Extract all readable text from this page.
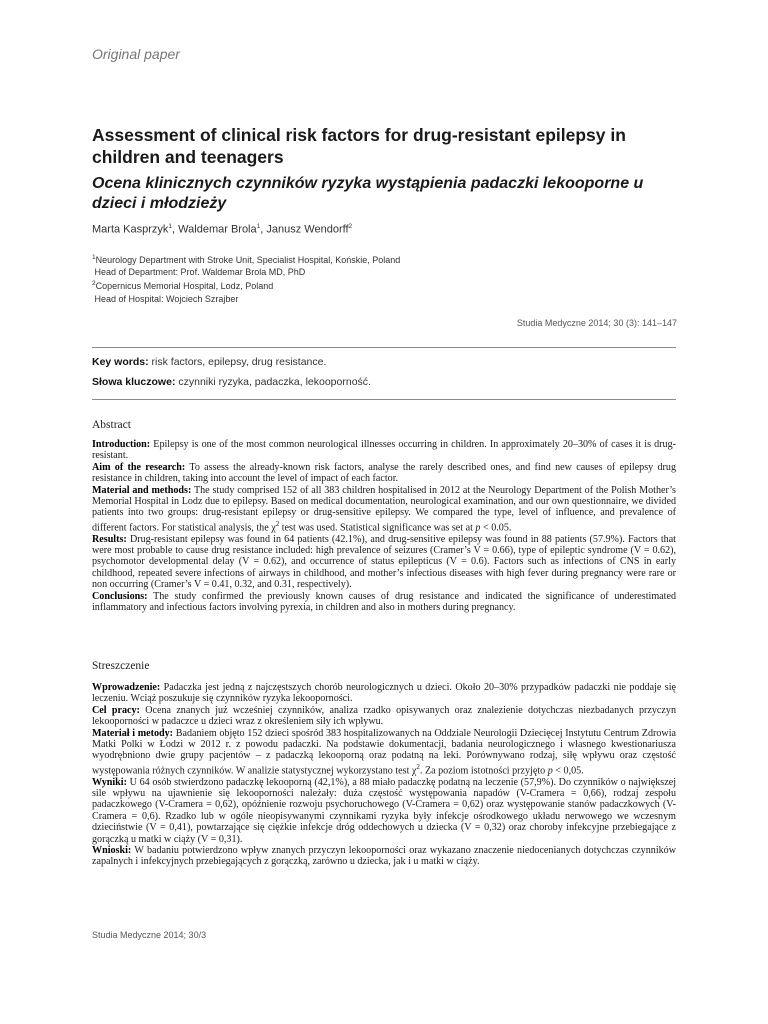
Original paper
Assessment of clinical risk factors for drug-resistant epilepsy in children and teenagers
Ocena klinicznych czynników ryzyka wystąpienia padaczki lekooporne u dzieci i młodzieży
Marta Kasprzyk$^1$, Waldemar Brola$^1$, Janusz Wendorff$^2$
$^1$Neurology Department with Stroke Unit, Specialist Hospital, Końskie, Poland
Head of Department: Prof. Waldemar Brola MD, PhD
$^2$Copernicus Memorial Hospital, Lodz, Poland
Head of Hospital: Wojciech Szrajber
Studia Medyczne 2014; 30 (3): 141–147
Key words: risk factors, epilepsy, drug resistance.
Słowa kluczowe: czynniki ryzyka, padaczka, lekooporność.
Abstract

Introduction: Epilepsy is one of the most common neurological illnesses occurring in children. In approximately 20–30% of cases it is drug-resistant.

Aim of the research: To assess the already-known risk factors, analyse the rarely described ones, and find new causes of epilepsy drug resistance in children, taking into account the level of impact of each factor.

Material and methods: The study comprised 152 of all 383 children hospitalised in 2012 at the Neurology Department of the Polish Mother’s Memorial Hospital in Lodz due to epilepsy. Based on medical documentation, neurological examination, and our own questionnaire, we divided patients into two groups: drug-resistant epilepsy or drug-sensitive epilepsy. We compared the type, level of influence, and prevalence of different factors. For statistical analysis, the $\chi^2$ test was used. Statistical significance was set at p < 0.05.

Results: Drug-resistant epilepsy was found in 64 patients (42.1%), and drug-sensitive epilepsy was found in 88 patients (57.9%). Factors that were most probable to cause drug resistance included: high prevalence of seizures (Cramer’s V = 0.66), type of epileptic syndrome (V = 0.62), psychomotor developmental delay (V = 0.62), and occurrence of status epilepticus (V = 0.6). Factors such as infections of CNS in early childhood, repeated severe infections of airways in childhood, and mother’s infectious diseases with high fever during pregnancy were rare or non occurring (Cramer’s V = 0.41, 0.32, and 0.31, respectively).

Conclusions: The study confirmed the previously known causes of drug resistance and indicated the significance of underestimated inflammatory and infectious factors involving pyrexia, in children and also in mothers during pregnancy.

Streszczenie

Wprowadzenie: Padaczka jest jedną z najczęstszych chorób neurologicznych u dzieci. Około 20–30% przypadków padaczki nie poddaje się leczeniu. Wciąż poszukuje się czynników ryzyka lekooporności.

Cel pracy: Ocena znanych już wcześniej czynników, analiza rzadko opisywanych oraz znalezienie dotychczas niezbadanych przyczyn lekooporności w padaczce u dzieci wraz z określeniem siły ich wpływu.

Materiał i metody: Badaniem objęto 152 dzieci spośród 383 hospitalizowanych na Oddziale Neurologii Dziecięcej Instytutu Centrum Zdrowia Matki Polki w Łodzi w 2012 r. z powodu padaczki. Na podstawie dokumentacji, badania neurologicznego i własnego kwestionariusza wyodrębniono dwie grupy pacjentów – z padaczką lekooporną oraz podatną na leki. Porównywano rodzaj, siłę wpływu oraz częstość występowania różnych czynników. W analizie statystycznej wykorzystano test $\chi^2$. Za poziom istotności przyjęto p < 0,05.

Wyniki: U 64 osób stwierdzono padaczkę lekooporną (42,1%), a 88 miało padaczkę podatną na leczenie (57,9%). Do czynników o największej sile wpływu na ujawnienie się lekooporności należały: duża częstość występowania napadów (V-Cramera = 0,66), rodzaj zespołu padaczkowego (V-Cramera = 0,62), opóźnienie rozwoju psychoruchowego (V-Cramera = 0,62) oraz występowanie stanów padaczkowych (V-Cramera = 0,6). Rzadko lub w ogóle nieopisywanymi czynnikami ryzyka były infekcje ośrodkowego układu nerwowego we wczesnym dzieciństwie (V = 0,41), powtarzające się ciężkie infekcje dróg oddechowych u dziecka (V = 0,32) oraz choroby infekcyjne przebiegające z gorączką u matki w ciąży (V = 0,31).

Wnioski: W badaniu potwierdzono wpływ znanych przyczyn lekooporności oraz wykazano znaczenie niedocenianych dotychczas czynników zapalnych i infekcyjnych przebiegających z gorączką, zarówno u dziecka, jak i u matki w ciąży.

Studia Medyczne 2014; 30/3
